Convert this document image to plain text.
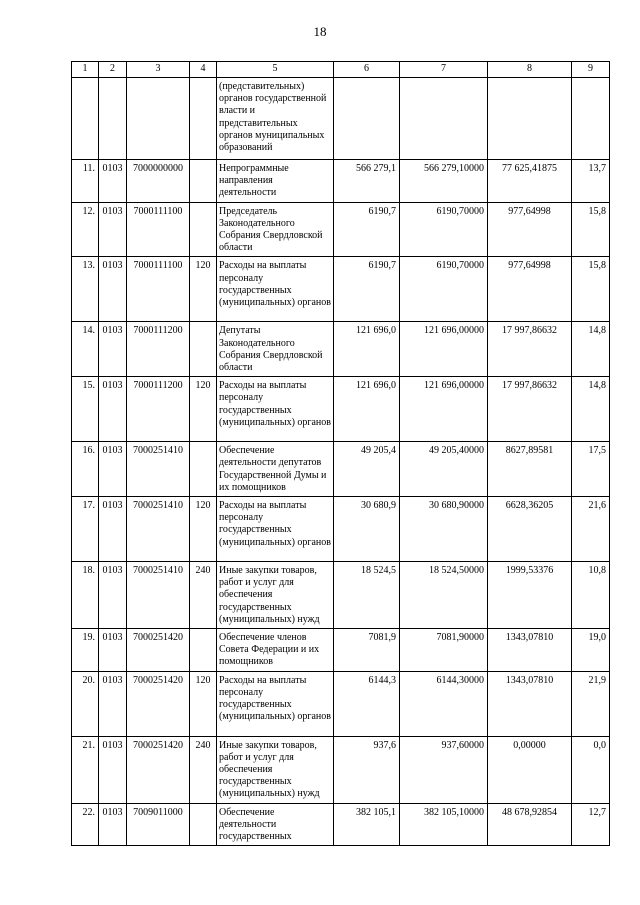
18
1	2	3	4	5	6	7	8	9
				(представительных) органов государственной власти и представительных органов муниципальных образований				
11.	0103	7000000000		Непрограммные направления деятельности	566 279,1	566 279,10000	77 625,41875	13,7
12.	0103	7000111100		Председатель Законодательного Собрания Свердловской области	6190,7	6190,70000	977,64998	15,8
13.	0103	7000111100	120	Расходы на выплаты персоналу государственных (муниципальных) органов	6190,7	6190,70000	977,64998	15,8
14.	0103	7000111200		Депутаты Законодательного Собрания Свердловской области	121 696,0	121 696,00000	17 997,86632	14,8
15.	0103	7000111200	120	Расходы на выплаты персоналу государственных (муниципальных) органов	121 696,0	121 696,00000	17 997,86632	14,8
16.	0103	7000251410		Обеспечение деятельности депутатов Государственной Думы и их помощников	49 205,4	49 205,40000	8627,89581	17,5
17.	0103	7000251410	120	Расходы на выплаты персоналу государственных (муниципальных) органов	30 680,9	30 680,90000	6628,36205	21,6
18.	0103	7000251410	240	Иные закупки товаров, работ и услуг для обеспечения государственных (муниципальных) нужд	18 524,5	18 524,50000	1999,53376	10,8
19.	0103	7000251420		Обеспечение членов Совета Федерации и их помощников	7081,9	7081,90000	1343,07810	19,0
20.	0103	7000251420	120	Расходы на выплаты персоналу государственных (муниципальных) органов	6144,3	6144,30000	1343,07810	21,9
21.	0103	7000251420	240	Иные закупки товаров, работ и услуг для обеспечения государственных (муниципальных) нужд	937,6	937,60000	0,00000	0,0
22.	0103	7009011000		Обеспечение деятельности государственных	382 105,1	382 105,10000	48 678,92854	12,7
